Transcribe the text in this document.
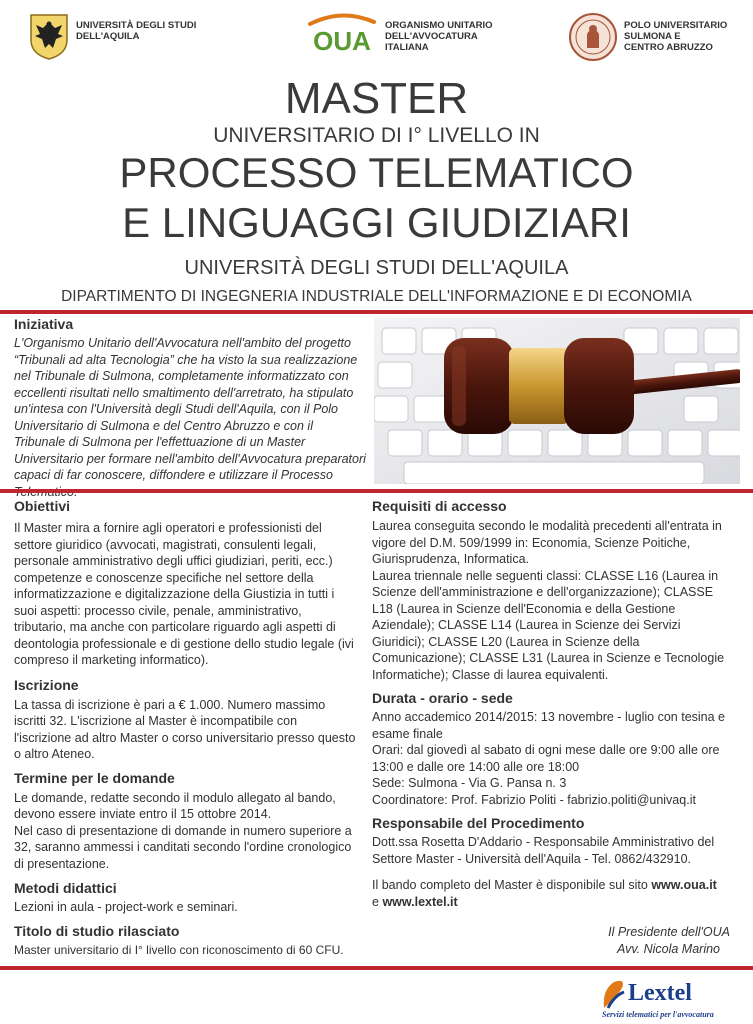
UNIVERSITÀ DEGLI STUDI
DELL'AQUILA	OUA
ORGANISMO UNITARIO
DELL'AVVOCATURA
ITALIANA
POLO UNIVERSITARIO
SULMONA E
CENTRO ABRUZZO
MASTER
UNIVERSITARIO DI I° LIVELLO IN
PROCESSO TELEMATICO
E LINGUAGGI GIUDIZIARI
UNIVERSITÀ DEGLI STUDI DELL'AQUILA
DIPARTIMENTO DI INGEGNERIA INDUSTRIALE DELL'INFORMAZIONE E DI ECONOMIA

Iniziativa

L'Organismo Unitario dell'Avvocatura nell'ambito del progetto “Tribunali ad alta Tecnologia” che ha visto la sua realizzazione nel Tribunale di Sulmona, completamente informatizzato con eccellenti risultati nello smaltimento dell'arretrato, ha stipulato un'intesa con l'Università degli Studi dell'Aquila, con il Polo Universitario di Sulmona e del Centro Abruzzo e con il Tribunale di Sulmona per l'effettuazione di un Master Universitario per formare nell'ambito dell'Avvocatura preparatori capaci di far conoscere, diffondere e utilizzare il Processo

Obiettivi

Il Master mira a fornire agli operatori e professionisti del settore giuridico (avvocati, magistrati, consulenti legali, personale amministrativo degli uffici giudiziari, periti, ecc.) competenze e conoscenze specifiche nel settore della informatizzazione e digitalizzazione della Giustizia in tutti i suoi aspetti: processo civile, penale, amministrativo, tributario, ma anche con particolare riguardo agli aspetti di deontologia professionale e di gestione dello studio legale (ivi compreso il marketing informatico).

Iscrizione

La tassa di iscrizione è pari a € 1.000. Numero massimo iscritti 32. L'iscrizione al Master è incompatibile con l'iscrizione ad altro Master o corso universitario presso questo o altro Ateneo.

Termine per le domande

Le domande, redatte secondo il modulo allegato al bando, devono essere inviate entro il 15 ottobre 2014.

Nel caso di presentazione di domande in numero superiore a 32, saranno ammessi i canditati secondo l'ordine cronologico di presentazione.

Metodi didattici

Lezioni in aula - project-work e seminari.

Titolo di studio rilasciato

Master universitario di I° livello con riconoscimento di 60 CFU.

Requisiti di accesso

Laurea conseguita secondo le modalità precedenti all'entrata in vigore del D.M. 509/1999 in: Economia, Scienze Poitiche, Giurisprudenza, Informatica.

Laurea triennale nelle seguenti classi: CLASSE L16 (Laurea in Scienze dell'amministrazione e dell'organizzazione); CLASSE L18 (Laurea in Scienze dell'Economia e della Gestione Aziendale); CLASSE L14 (Laurea in Scienze dei Servizi Giuridici); CLASSE L20 (Laurea in Scienze della Comunicazione); CLASSE L31 (Laurea in Scienze e Tecnologie Informatiche); Classe di laurea equivalenti.

Durata - orario - sede

Anno accademico 2014/2015: 13 novembre - luglio con tesina e esame finale

Orari: dal giovedì al sabato di ogni mese dalle ore 9:00 alle ore 13:00 e dalle ore 14:00 alle ore 18:00

Sede: Sulmona - Via G. Pansa n. 3

Coordinatore: Prof. Fabrizio Politi - fabrizio.politi@univaq.it

Responsabile del Procedimento

Dott.ssa Rosetta D'Addario - Responsabile Amministrativo del Settore Master - Università dell'Aquila - Tel. 0862/432910.

Il bando completo del Master è disponibile sul sito www.oua.it
e www.lextel.it

Il Presidente dell'OUA
Avv. Nicola Marino
Lextel
Servizi telematici per l'avvocatura
